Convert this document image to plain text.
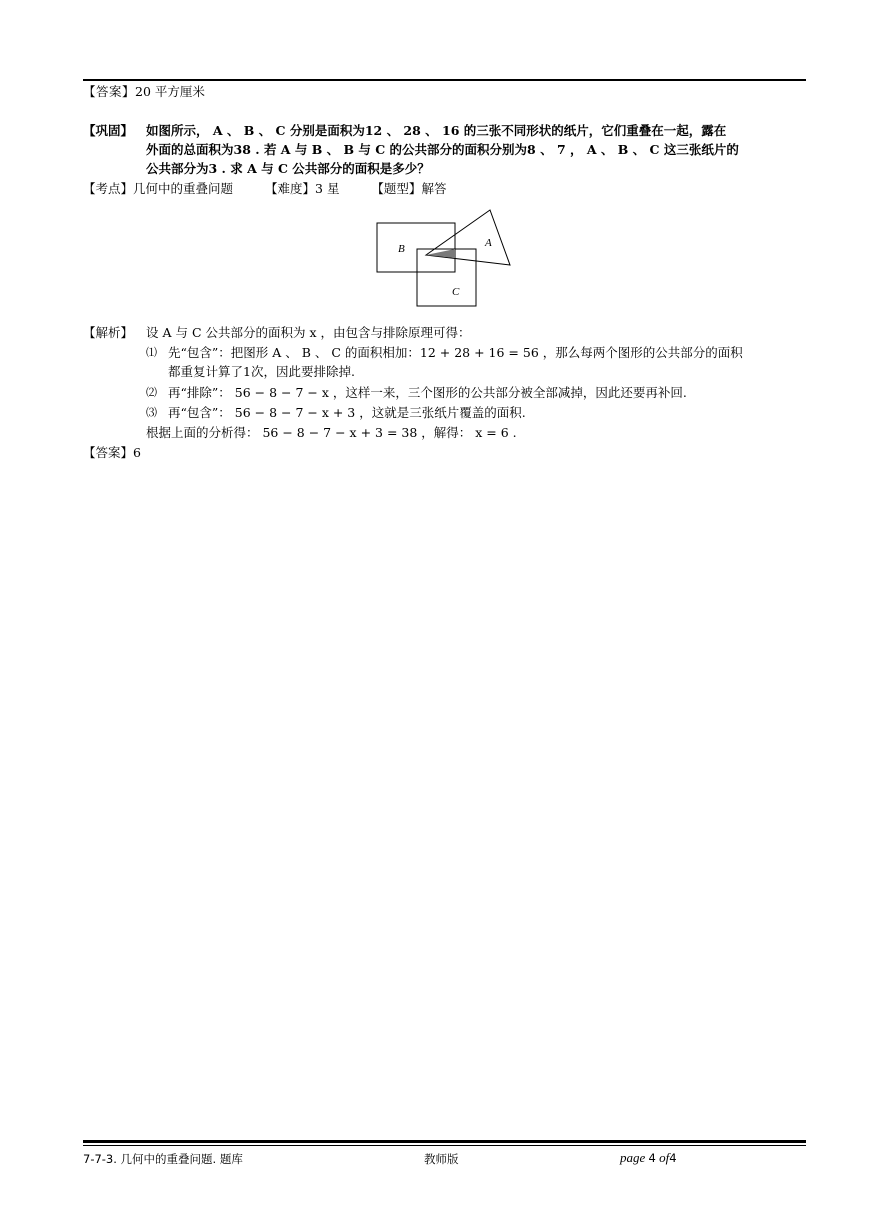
【答案】20 平方厘米
【巩固】 如图所示， A 、 B 、 C 分别是面积为12 、 28 、 16 的三张不同形状的纸片，它们重叠在一起，露在
外面的总面积为38 . 若 A 与 B 、 B 与 C 的公共部分的面积分别为8 、 7 ， A 、 B 、 C 这三张纸片的
公共部分为3 . 求 A 与 C 公共部分的面积是多少？
【考点】几何中的重叠问题	【难度】3 星	【题型】解答
B	A
C
【解析】 设 A 与 C 公共部分的面积为 x ，由包含与排除原理可得：
⑴ 先“包含”：把图形 A 、 B 、 C 的面积相加：12 + 28 + 16 = 56 ，那么每两个图形的公共部分的面积
都重复计算了1次，因此要排除掉.
⑵ 再“排除”： 56 − 8 − 7 − x ，这样一来，三个图形的公共部分被全部减掉，因此还要再补回.
⑶ 再“包含”： 56 − 8 − 7 − x + 3 ，这就是三张纸片覆盖的面积.
根据上面的分析得： 56 − 8 − 7 − x + 3 = 38 ，解得： x = 6 .
【答案】6
7-7-3. 几何中的重叠问题. 题库	教师版	page 4 of4
